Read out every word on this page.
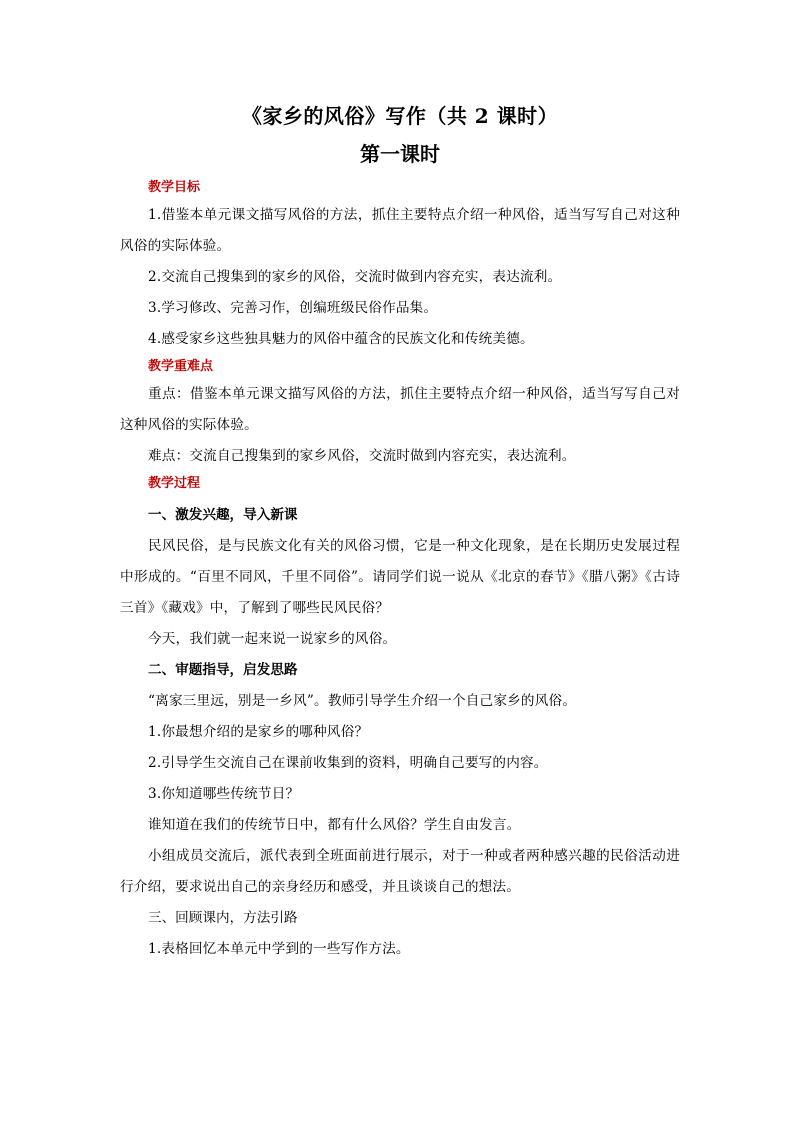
《家乡的风俗》写作（共 2 课时）
第一课时
教学目标

1.借鉴本单元课文描写风俗的方法，抓住主要特点介绍一种风俗，适当写写自己对这种风俗的实际体验。

2.交流自己搜集到的家乡的风俗，交流时做到内容充实，表达流利。

3.学习修改、完善习作，创编班级民俗作品集。

4.感受家乡这些独具魅力的风俗中蕴含的民族文化和传统美德。

教学重难点

重点：借鉴本单元课文描写风俗的方法，抓住主要特点介绍一种风俗，适当写写自己对这种风俗的实际体验。

难点：交流自己搜集到的家乡风俗，交流时做到内容充实，表达流利。

教学过程
一、激发兴趣，导入新课

民风民俗，是与民族文化有关的风俗习惯，它是一种文化现象，是在长期历史发展过程中形成的。“百里不同风，千里不同俗”。请同学们说一说从《北京的春节》《腊八粥》《古诗三首》《藏戏》中，了解到了哪些民风民俗？

今天，我们就一起来说一说家乡的风俗。

二、审题指导，启发思路

“离家三里远，别是一乡风”。教师引导学生介绍一个自己家乡的风俗。

1.你最想介绍的是家乡的哪种风俗？

2.引导学生交流自己在课前收集到的资料，明确自己要写的内容。

3.你知道哪些传统节日？

谁知道在我们的传统节日中，都有什么风俗？学生自由发言。

小组成员交流后，派代表到全班面前进行展示，对于一种或者两种感兴趣的民俗活动进行介绍，要求说出自己的亲身经历和感受，并且谈谈自己的想法。

三、回顾课内，方法引路

1.表格回忆本单元中学到的一些写作方法。
